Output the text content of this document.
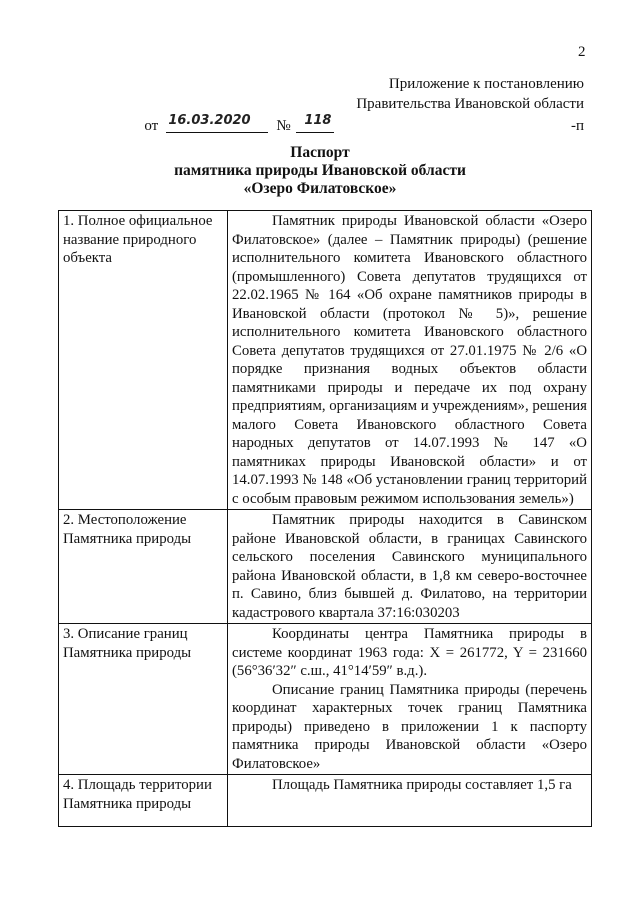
2
Приложение к постановлению
Правительства Ивановской области
от 16.03.2020 № 118	-п
Паспорт
памятника природы Ивановской области
«Озеро Филатовское»
1. Полное официальное название природного объекта	Памятник природы Ивановской области «Озеро Филатовское» (далее – Памятник природы) (решение исполнительного комитета Ивановского областного (промышленного) Совета депутатов трудящихся от 22.02.1965 № 164 «Об охране памятников природы в Ивановской области (протокол № 5)», решение исполнительного комитета Ивановского областного Совета депутатов трудящихся от 27.01.1975 № 2/6 «О порядке признания водных объектов области памятниками природы и передаче их под охрану предприятиям, организациям и учреждениям», решения малого Совета Ивановского областного Совета народных депутатов от 14.07.1993 № 147 «О памятниках природы Ивановской области» и от 14.07.1993 № 148 «Об установлении границ территорий с особым правовым режимом использования земель»)

2. Местоположение Памятника природы	Памятник природы находится в Савинском районе Ивановской области, в границах Савинского сельского поселения Савинского муниципального района Ивановской области, в 1,8 км северо-восточнее п. Савино, близ бывшей д. Филатово, на территории кадастрового квартала 37:16:030203

3. Описание границ Памятника природы	Координаты центра Памятника природы в системе координат 1963 года: X = 261772, Y = 231660 (56°36′32″ с.ш., 41°14′59″ в.д.).

Описание границ Памятника природы (перечень координат характерных точек границ Памятника природы) приведено в приложении 1 к паспорту памятника природы Ивановской области «Озеро Филатовское»

4. Площадь территории Памятника природы	Площадь Памятника природы составляет 1,5 га
